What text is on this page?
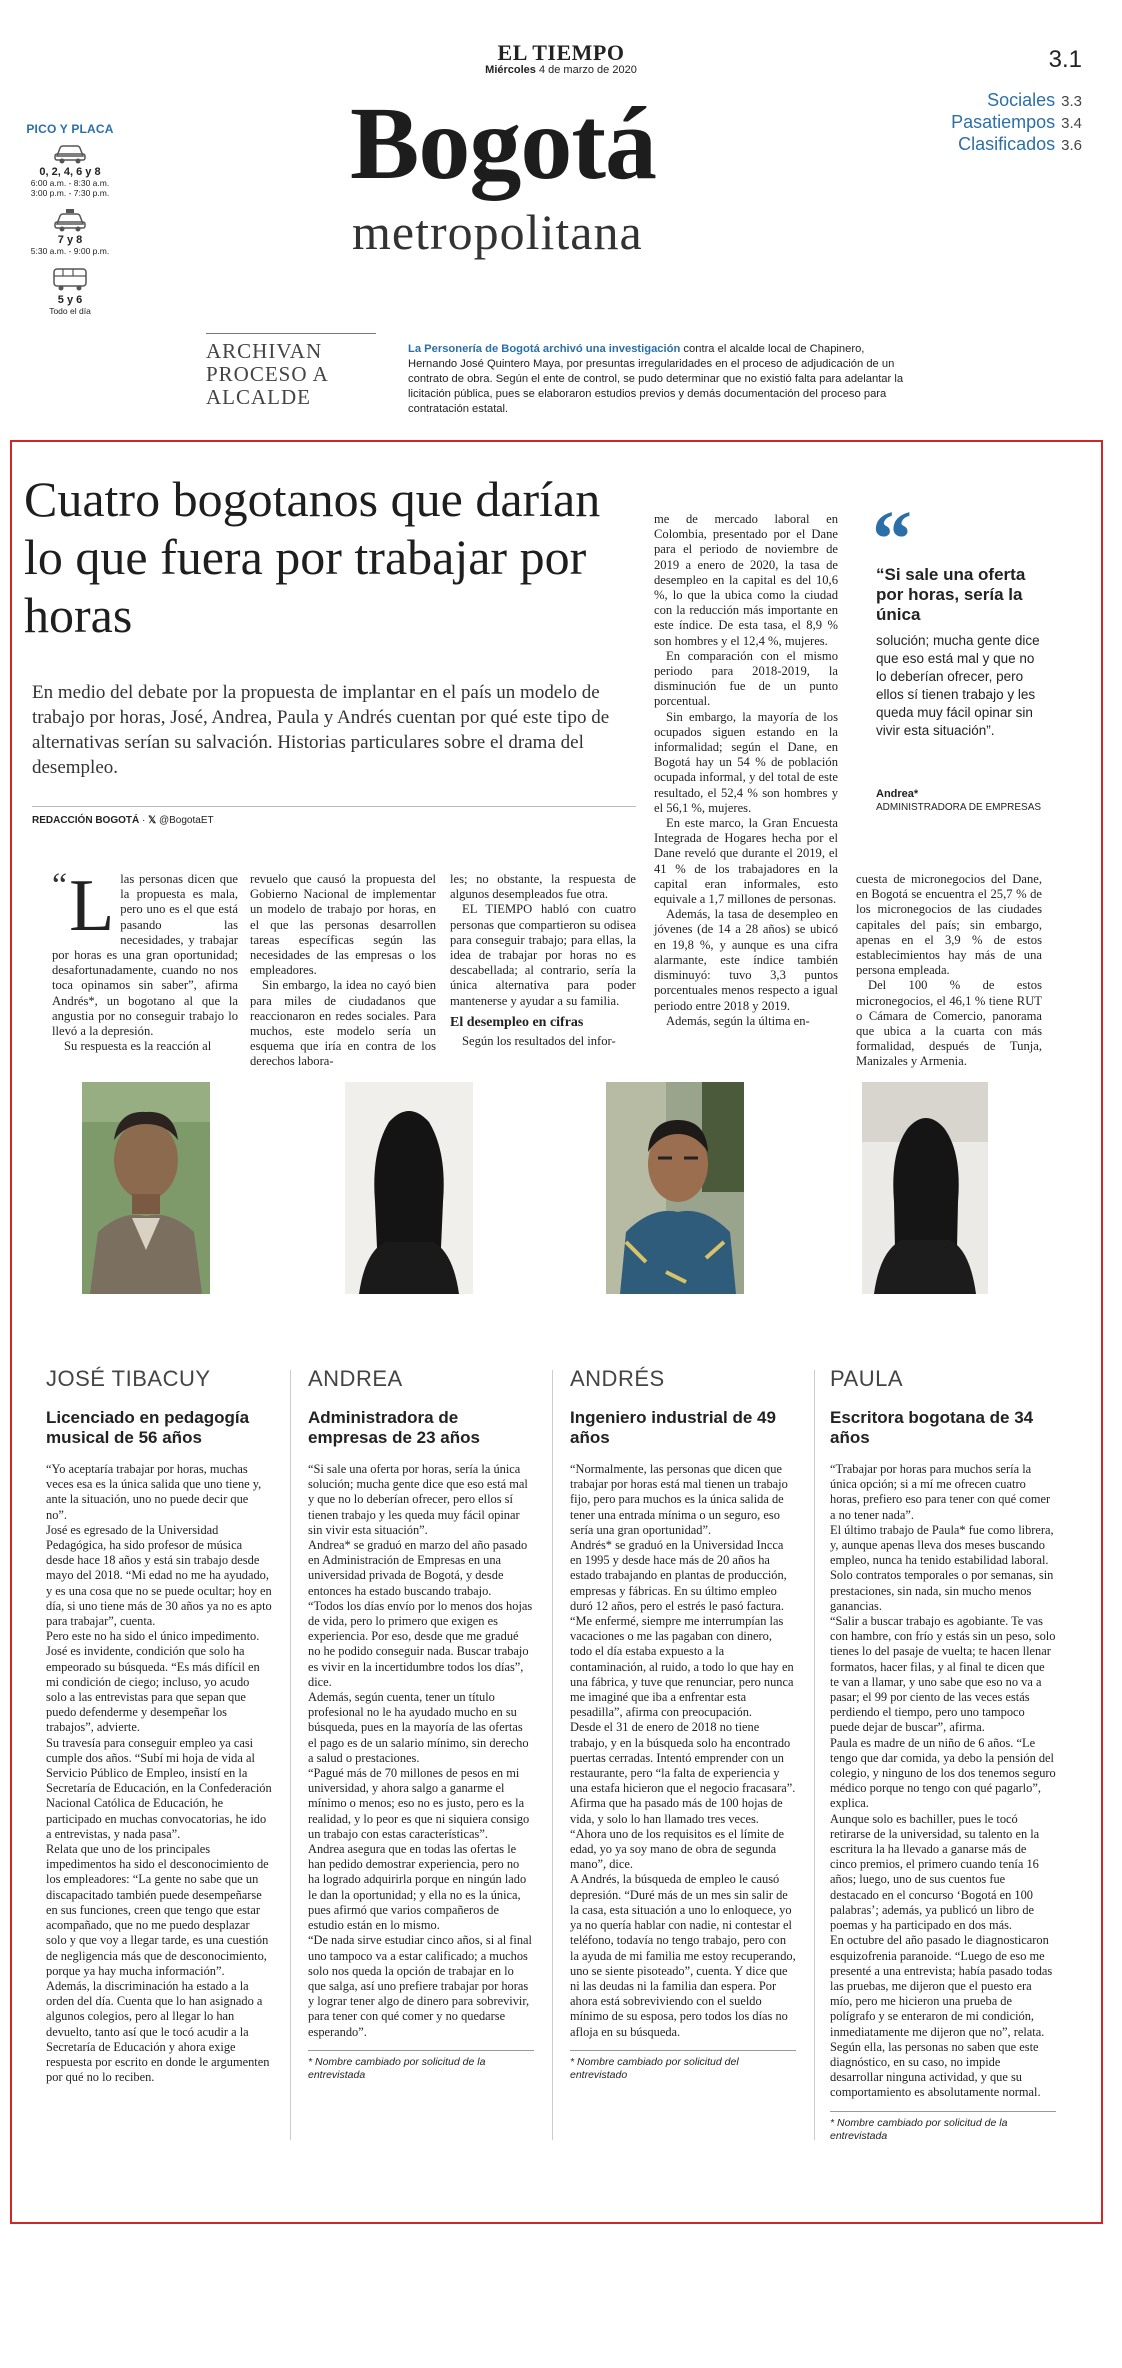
EL TIEMPO
Miércoles 4 de marzo de 2020	3.1
Sociales 3.3
Pasatiempos 3.4
Clasificados 3.6
Bogotá
metropolitana
PICO Y PLACA
0, 2, 4, 6 y 8
6:00 a.m. - 8:30 a.m.
3:00 p.m. - 7:30 p.m.
7 y 8
5:30 a.m. - 9:00 p.m.
5 y 6
Todo el día
ARCHIVAN PROCESO A ALCALDE
La Personería de Bogotá archivó una investigación contra el alcalde local de Chapinero, Hernando José Quintero Maya, por presuntas irregularidades en el proceso de adjudicación de un contrato de obra. Según el ente de control, se pudo determinar que no existió falta para adelantar la licitación pública, pues se elaboraron estudios previos y demás documentación del proceso para contratación estatal.
Cuatro bogotanos que darían lo que fuera por trabajar por horas
En medio del debate por la propuesta de implantar en el país un modelo de trabajo por horas, José, Andrea, Paula y Andrés cuentan por qué este tipo de alternativas serían su salvación. Historias particulares sobre el drama del desempleo.
REDACCIÓN BOGOTÁ · 𝕏 @BogotaET

“ L las personas dicen que la propuesta es mala, pero uno es el que está pasando las necesidades, y trabajar por horas es una gran oportunidad; desafortunadamente, cuando no nos toca opinamos sin saber”, afirma Andrés*, un bogotano al que la angustia por no conseguir trabajo lo llevó a la depresión.

Su respuesta es la reacción al

revuelo que causó la propuesta del Gobierno Nacional de implementar un modelo de trabajo por horas, en el que las personas desarrollen tareas específicas según las necesidades de las empresas o los empleadores.

Sin embargo, la idea no cayó bien para miles de ciudadanos que reaccionaron en redes sociales. Para muchos, este modelo sería un esquema que iría en contra de los derechos labora-

les; no obstante, la respuesta de algunos desempleados fue otra.

EL TIEMPO habló con cuatro personas que compartieron su odisea para conseguir trabajo; para ellas, la idea de trabajar por horas no es descabellada; al contrario, sería la única alternativa para poder mantenerse y ayudar a su familia.

El desempleo en cifras

Según los resultados del infor-

me de mercado laboral en Colombia, presentado por el Dane para el periodo de noviembre de 2019 a enero de 2020, la tasa de desempleo en la capital es del 10,6 %, lo que la ubica como la ciudad con la reducción más importante en este índice. De esta tasa, el 8,9 % son hombres y el 12,4 %, mujeres.

En comparación con el mismo periodo para 2018-2019, la disminución fue de un punto porcentual.

Sin embargo, la mayoría de los ocupados siguen estando en la informalidad; según el Dane, en Bogotá hay un 54 % de población ocupada informal, y del total de este resultado, el 52,4 % son hombres y el 56,1 %, mujeres.

En este marco, la Gran Encuesta Integrada de Hogares hecha por el Dane reveló que durante el 2019, el 41 % de los trabajadores en la capital eran informales, esto equivale a 1,7 millones de personas.

Además, la tasa de desempleo en jóvenes (de 14 a 28 años) se ubicó en 19,8 %, y aunque es una cifra alarmante, este índice también disminuyó: tuvo 3,3 puntos porcentuales menos respecto a igual periodo entre 2018 y 2019.

Además, según la última en-

cuesta de micronegocios del Dane, en Bogotá se encuentra el 25,7 % de los micronegocios de las ciudades capitales del país; sin embargo, apenas en el 3,9 % de estos establecimientos hay más de una persona empleada.

Del 100 % de estos micronegocios, el 46,1 % tiene RUT o Cámara de Comercio, panorama que ubica a la cuarta con más formalidad, después de Tunja, Manizales y Armenia.

“
“Si sale una oferta por horas, sería la única
solución; mucha gente dice que eso está mal y que no lo deberían ofrecer, pero ellos sí tienen trabajo y les queda muy fácil opinar sin vivir esta situación”.
Andrea*
ADMINISTRADORA DE EMPRESAS
JOSÉ TIBACUY
Licenciado en pedagogía musical de 56 años

“Yo aceptaría trabajar por horas, muchas veces esa es la única salida que uno tiene y, ante la situación, uno no puede decir que no”.

José es egresado de la Universidad Pedagógica, ha sido profesor de música desde hace 18 años y está sin trabajo desde mayo del 2018. “Mi edad no me ha ayudado, y es una cosa que no se puede ocultar; hoy en día, si uno tiene más de 30 años ya no es apto para trabajar”, cuenta.

Pero este no ha sido el único impedimento. José es invidente, condición que solo ha empeorado su búsqueda. “Es más difícil en mi condición de ciego; incluso, yo acudo solo a las entrevistas para que sepan que puedo defenderme y desempeñar los trabajos”, advierte.

Su travesía para conseguir empleo ya casi cumple dos años. “Subí mi hoja de vida al Servicio Público de Empleo, insistí en la Secretaría de Educación, en la Confederación Nacional Católica de Educación, he participado en muchas convocatorias, he ido a entrevistas, y nada pasa”.

Relata que uno de los principales impedimentos ha sido el desconocimiento de los empleadores: “La gente no sabe que un discapacitado también puede desempeñarse en sus funciones, creen que tengo que estar acompañado, que no me puedo desplazar solo y que voy a llegar tarde, es una cuestión de negligencia más que de desconocimiento, porque ya hay mucha información”.

Además, la discriminación ha estado a la orden del día. Cuenta que lo han asignado a algunos colegios, pero al llegar lo han devuelto, tanto así que le tocó acudir a la Secretaría de Educación y ahora exige respuesta por escrito en donde le argumenten por qué no lo reciben.

ANDREA
Administradora de empresas de 23 años

“Si sale una oferta por horas, sería la única solución; mucha gente dice que eso está mal y que no lo deberían ofrecer, pero ellos sí tienen trabajo y les queda muy fácil opinar sin vivir esta situación”.

Andrea* se graduó en marzo del año pasado en Administración de Empresas en una universidad privada de Bogotá, y desde entonces ha estado buscando trabajo.

“Todos los días envío por lo menos dos hojas de vida, pero lo primero que exigen es experiencia. Por eso, desde que me gradué no he podido conseguir nada. Buscar trabajo es vivir en la incertidumbre todos los días”, dice.

Además, según cuenta, tener un título profesional no le ha ayudado mucho en su búsqueda, pues en la mayoría de las ofertas el pago es de un salario mínimo, sin derecho a salud o prestaciones.

“Pagué más de 70 millones de pesos en mi universidad, y ahora salgo a ganarme el mínimo o menos; eso no es justo, pero es la realidad, y lo peor es que ni siquiera consigo un trabajo con estas características”.

Andrea asegura que en todas las ofertas le han pedido demostrar experiencia, pero no ha logrado adquirirla porque en ningún lado le dan la oportunidad; y ella no es la única, pues afirmó que varios compañeros de estudio están en lo mismo.

“De nada sirve estudiar cinco años, si al final uno tampoco va a estar calificado; a muchos solo nos queda la opción de trabajar en lo que salga, así uno prefiere trabajar por horas y lograr tener algo de dinero para sobrevivir, para tener con qué comer y no quedarse esperando”.

* Nombre cambiado por solicitud de la entrevistada
ANDRÉS
Ingeniero industrial de 49 años

“Normalmente, las personas que dicen que trabajar por horas está mal tienen un trabajo fijo, pero para muchos es la única salida de tener una entrada mínima o un seguro, eso sería una gran oportunidad”.

Andrés* se graduó en la Universidad Incca en 1995 y desde hace más de 20 años ha estado trabajando en plantas de producción, empresas y fábricas. En su último empleo duró 12 años, pero el estrés le pasó factura.

“Me enfermé, siempre me interrumpían las vacaciones o me las pagaban con dinero, todo el día estaba expuesto a la contaminación, al ruido, a todo lo que hay en una fábrica, y tuve que renunciar, pero nunca me imaginé que iba a enfrentar esta pesadilla”, afirma con preocupación.

Desde el 31 de enero de 2018 no tiene trabajo, y en la búsqueda solo ha encontrado puertas cerradas. Intentó emprender con un restaurante, pero “la falta de experiencia y una estafa hicieron que el negocio fracasara”.

Afirma que ha pasado más de 100 hojas de vida, y solo lo han llamado tres veces. “Ahora uno de los requisitos es el límite de edad, yo ya soy mano de obra de segunda mano”, dice.

A Andrés, la búsqueda de empleo le causó depresión. “Duré más de un mes sin salir de la casa, esta situación a uno lo enloquece, yo ya no quería hablar con nadie, ni contestar el teléfono, todavía no tengo trabajo, pero con la ayuda de mi familia me estoy recuperando, uno se siente pisoteado”, cuenta. Y dice que ni las deudas ni la familia dan espera. Por ahora está sobreviviendo con el sueldo mínimo de su esposa, pero todos los días no afloja en su búsqueda.

* Nombre cambiado por solicitud del entrevistado
PAULA
Escritora bogotana de 34 años

“Trabajar por horas para muchos sería la única opción; si a mí me ofrecen cuatro horas, prefiero eso para tener con qué comer a no tener nada”.

El último trabajo de Paula* fue como librera, y, aunque apenas lleva dos meses buscando empleo, nunca ha tenido estabilidad laboral. Solo contratos temporales o por semanas, sin prestaciones, sin nada, sin mucho menos ganancias.

“Salir a buscar trabajo es agobiante. Te vas con hambre, con frío y estás sin un peso, solo tienes lo del pasaje de vuelta; te hacen llenar formatos, hacer filas, y al final te dicen que te van a llamar, y uno sabe que eso no va a pasar; el 99 por ciento de las veces estás perdiendo el tiempo, pero uno tampoco puede dejar de buscar”, afirma.

Paula es madre de un niño de 6 años. “Le tengo que dar comida, ya debo la pensión del colegio, y ninguno de los dos tenemos seguro médico porque no tengo con qué pagarlo”, explica.

Aunque solo es bachiller, pues le tocó retirarse de la universidad, su talento en la escritura la ha llevado a ganarse más de cinco premios, el primero cuando tenía 16 años; luego, uno de sus cuentos fue destacado en el concurso ‘Bogotá en 100 palabras’; además, ya publicó un libro de poemas y ha participado en dos más.

En octubre del año pasado le diagnosticaron esquizofrenia paranoide. “Luego de eso me presenté a una entrevista; había pasado todas las pruebas, me dijeron que el puesto era mío, pero me hicieron una prueba de polígrafo y se enteraron de mi condición, inmediatamente me dijeron que no”, relata. Según ella, las personas no saben que este diagnóstico, en su caso, no impide desarrollar ninguna actividad, y que su comportamiento es absolutamente normal.

* Nombre cambiado por solicitud de la entrevistada
